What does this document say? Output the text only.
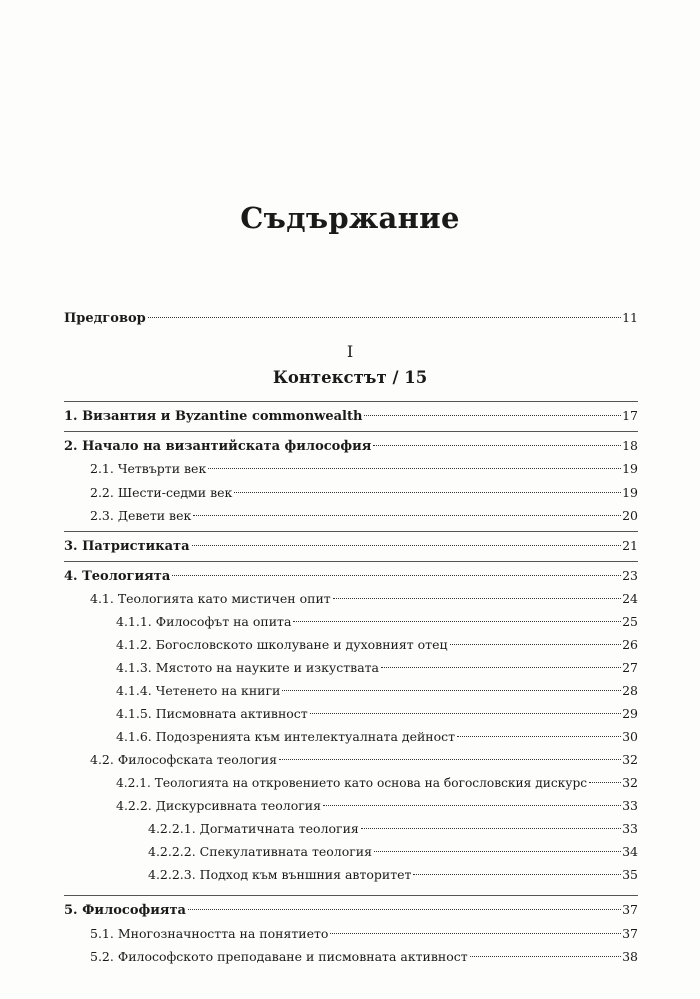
Съдържание
Предговор	11
I
Контекстът / 15
1. Византия и Byzantine commonwealth	17
2. Начало на византийската философия	18
2.1. Четвърти век	19
2.2. Шести-седми век	19
2.3. Девети век	20
3. Патристиката	21
4. Теологията	23
4.1. Теологията като мистичен опит	24
4.1.1. Философът на опита	25
4.1.2. Богословското школуване и духовният отец	26
4.1.3. Мястото на науките и изкуствата	27
4.1.4. Четенето на книги	28
4.1.5. Писмовната активност	29
4.1.6. Подозренията към интелектуалната дейност	30
4.2. Философската теология	32
4.2.1. Теологията на откровението като основа на богословския дискурс	32
4.2.2. Дискурсивната теология	33
4.2.2.1. Догматичната теология	33
4.2.2.2. Спекулативната теология	34
4.2.2.3. Подход към външния авторитет	35
5. Философията	37
5.1. Многозначността на понятието	37
5.2. Философското преподаване и писмовната активност	38
